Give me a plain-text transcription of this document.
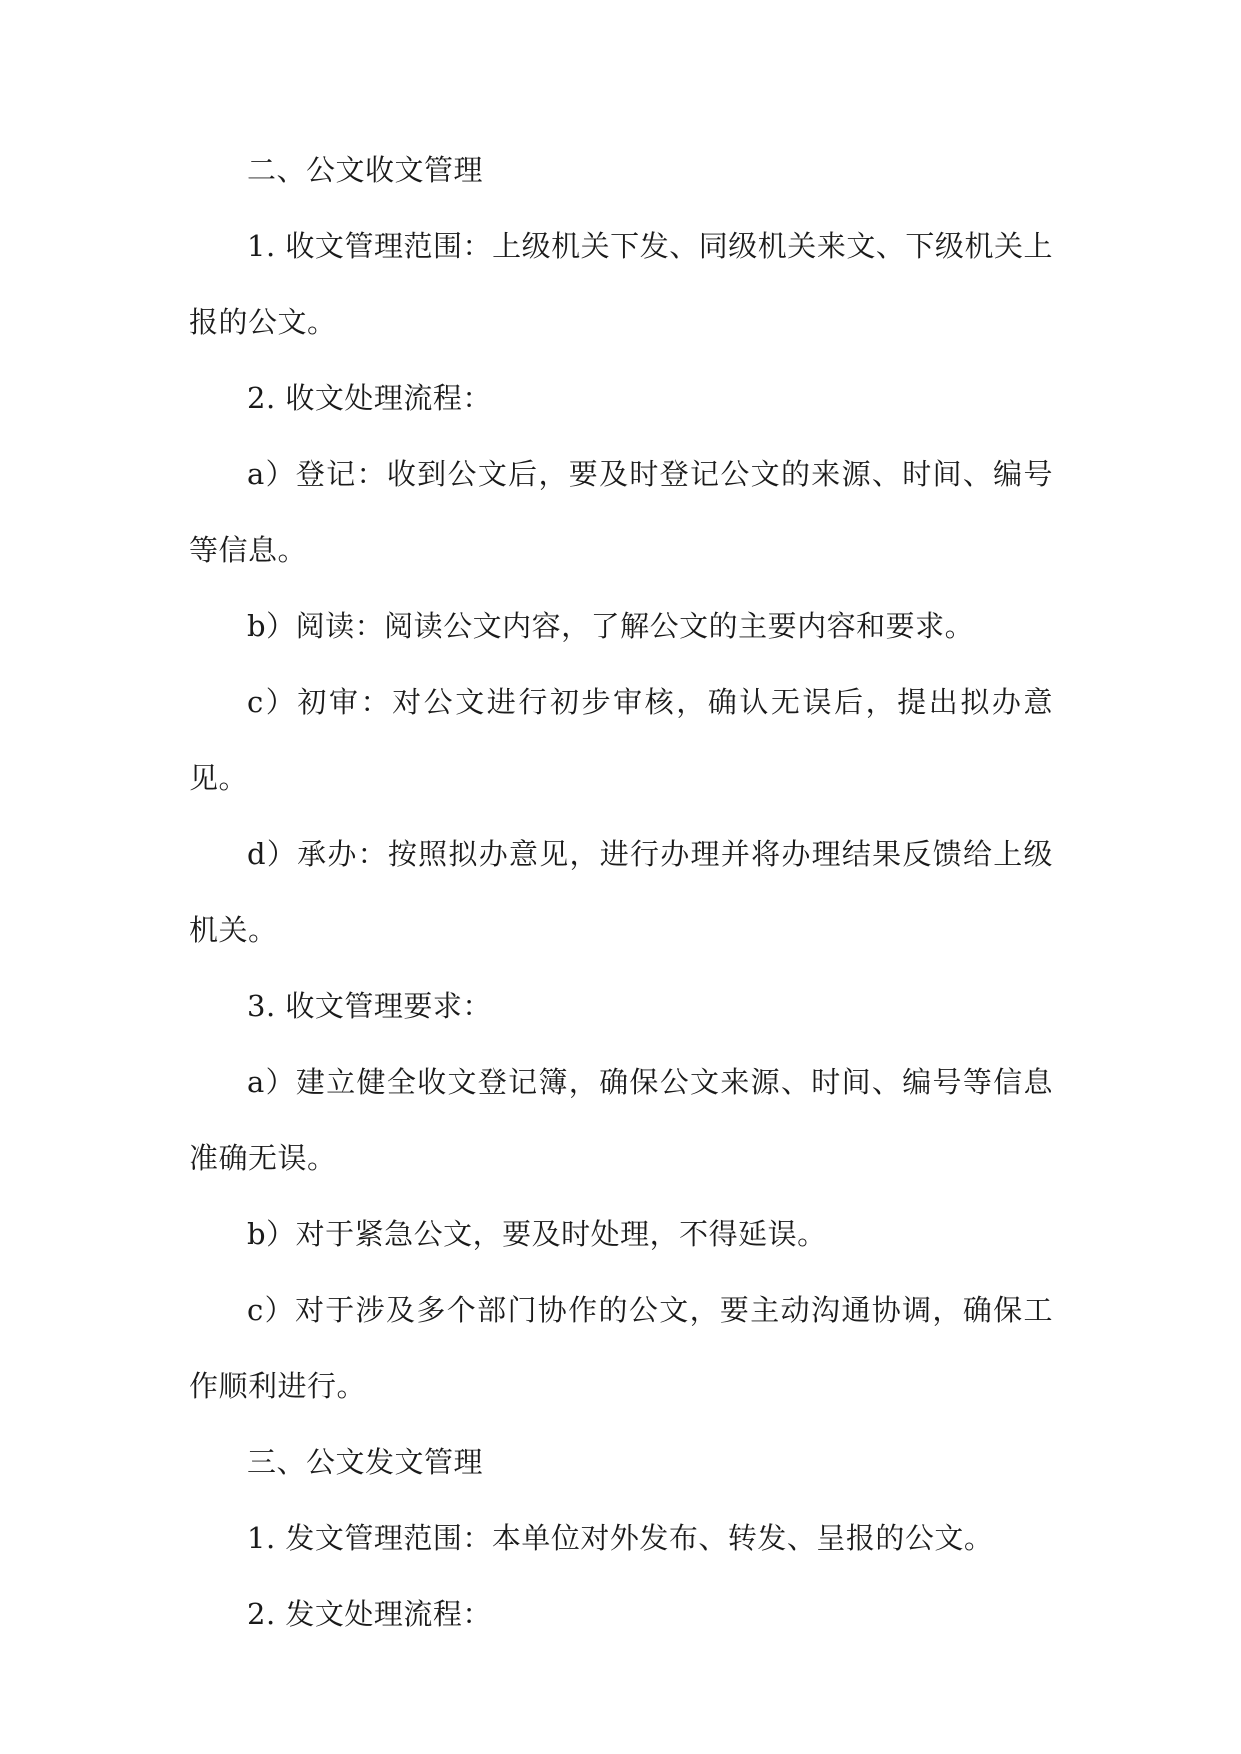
二、公文收文管理

1. 收文管理范围：上级机关下发、同级机关来文、下级机关上报的公文。

2. 收文处理流程：

a）登记：收到公文后，要及时登记公文的来源、时间、编号等信息。

b）阅读：阅读公文内容，了解公文的主要内容和要求。

c）初审：对公文进行初步审核，确认无误后，提出拟办意见。

d）承办：按照拟办意见，进行办理并将办理结果反馈给上级机关。

3. 收文管理要求：

a）建立健全收文登记簿，确保公文来源、时间、编号等信息准确无误。

b）对于紧急公文，要及时处理，不得延误。

c）对于涉及多个部门协作的公文，要主动沟通协调，确保工作顺利进行。

三、公文发文管理

1. 发文管理范围：本单位对外发布、转发、呈报的公文。

2. 发文处理流程：
